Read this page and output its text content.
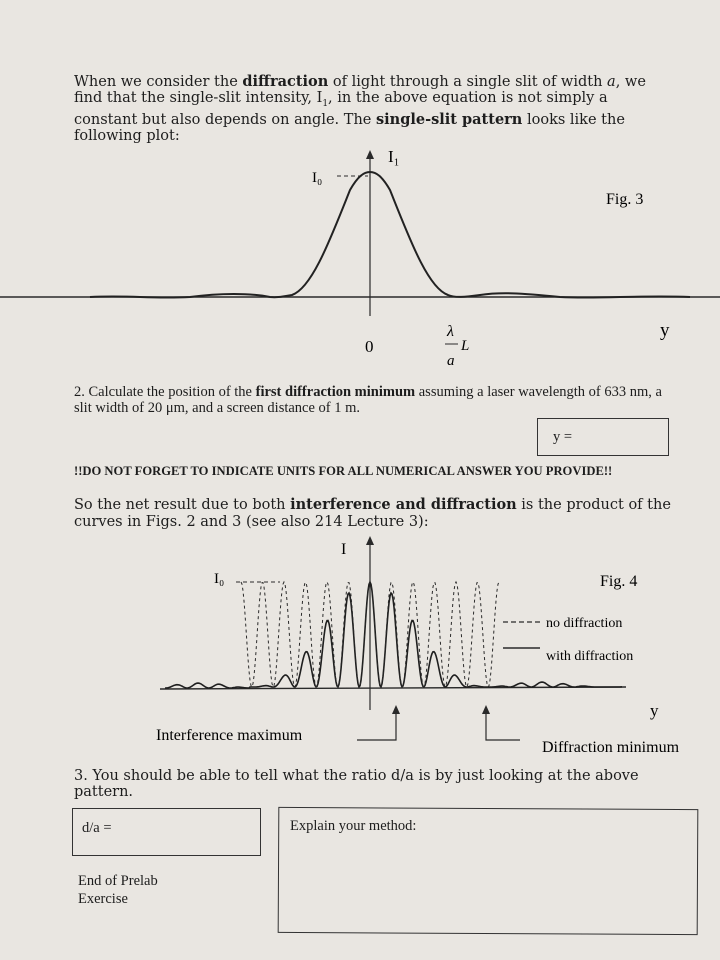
When we consider the diffraction of light through a single slit of width a, we find that the single-slit intensity, $I_1$, in the above equation is not simply a constant but also depends on angle. The single-slit pattern looks like the following plot:

I₁
I₀
Fig. 3
y
0
λ
L
a

2. Calculate the position of the first diffraction minimum assuming a laser wavelength of 633 nm, a slit width of 20 μm, and a screen distance of 1 m.

y =

!!DO NOT FORGET TO INDICATE UNITS FOR ALL NUMERICAL ANSWER YOU PROVIDE!!

So the net result due to both interference and diffraction is the product of the curves in Figs. 2 and 3 (see also 214 Lecture 3):

no diffraction
with diffraction
I
I₀	Fig. 4
y
Interference maximum
Diffraction minimum

3. You should be able to tell what the ratio d/a is by just looking at the above pattern.

d/a =	Explain your method:

End of Prelab
Exercise
